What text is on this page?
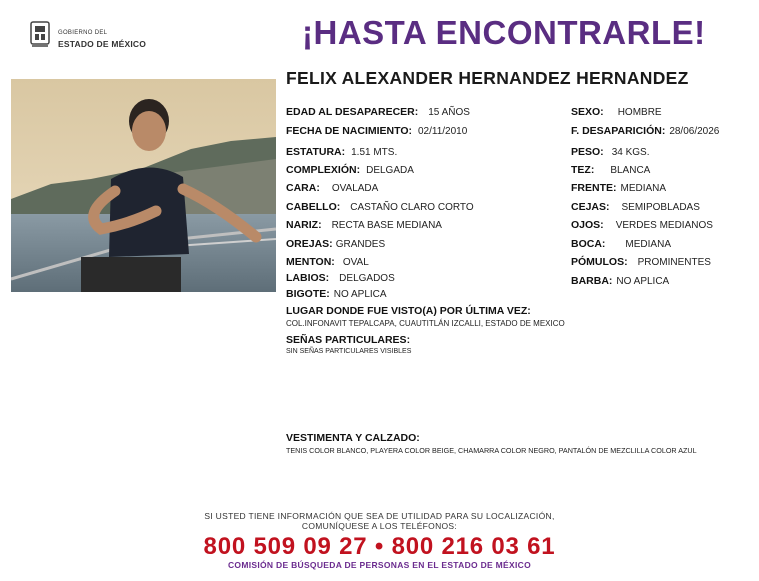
GOBIERNO DEL
ESTADO DE MÉXICO	¡HASTA ENCONTRARLE!
FELIX ALEXANDER HERNANDEZ HERNANDEZ
EDAD AL DESAPARECER: 15 AÑOS
FECHA DE NACIMIENTO: 02/11/2010
ESTATURA: 1.51 MTS.
COMPLEXIÓN: DELGADA
CARA: OVALADA
CABELLO: CASTAÑO CLARO CORTO
NARIZ: RECTA BASE MEDIANA
OREJAS: GRANDES
MENTON: OVAL
LABIOS: DELGADOS
BIGOTE: NO APLICA
SEXO: HOMBRE
F. DESAPARICIÓN: 28/06/2026
PESO: 34 KGS.
TEZ: BLANCA
FRENTE: MEDIANA
CEJAS: SEMIPOBLADAS
OJOS: VERDES MEDIANOS
BOCA: MEDIANA
PÓMULOS: PROMINENTES
BARBA: NO APLICA
LUGAR DONDE FUE VISTO(A) POR ÚLTIMA VEZ:
COL.INFONAVIT TEPALCAPA, CUAUTITLÁN IZCALLI, ESTADO DE MEXICO
SEÑAS PARTICULARES:
SIN SEÑAS PARTICULARES VISIBLES
VESTIMENTA Y CALZADO:
TENIS COLOR BLANCO, PLAYERA COLOR BEIGE, CHAMARRA COLOR NEGRO, PANTALÓN DE MEZCLILLA COLOR AZUL
SI USTED TIENE INFORMACIÓN QUE SEA DE UTILIDAD PARA SU LOCALIZACIÓN,
COMUNÍQUESE A LOS TELÉFONOS:
800 509 09 27 • 800 216 03 61
COMISIÓN DE BÚSQUEDA DE PERSONAS EN EL ESTADO DE MÉXICO
